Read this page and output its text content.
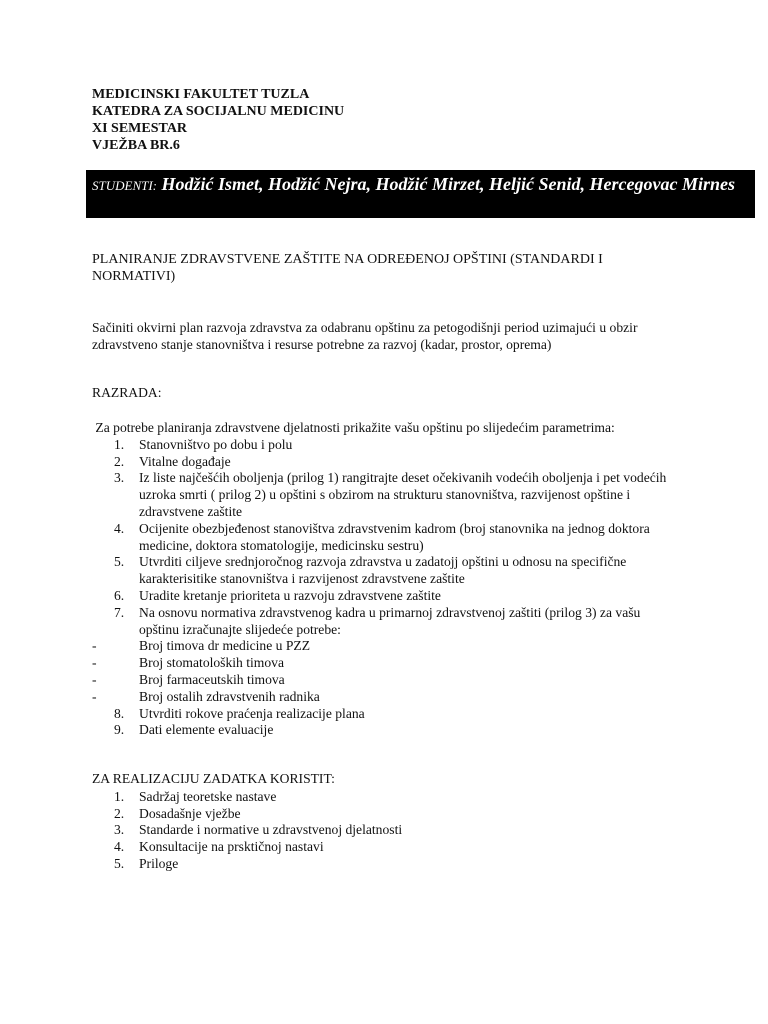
MEDICINSKI FAKULTET TUZLA
KATEDRA ZA SOCIJALNU MEDICINU
XI SEMESTAR
VJEŽBA BR.6
STUDENTI: Hodžić Ismet, Hodžić Nejra, Hodžić Mirzet, Heljić Senid, Hercegovac Mirnes
PLANIRANJE ZDRAVSTVENE ZAŠTITE NA ODREĐENOJ OPŠTINI (STANDARDI I NORMATIVI)
Sačiniti okvirni plan razvoja zdravstva za odabranu opštinu za petogodišnji period uzimajući u obzir zdravstveno stanje stanovništva i resurse potrebne za razvoj (kadar, prostor, oprema)
RAZRADA:
Za potrebe planiranja zdravstvene djelatnosti prikažite vašu opštinu po slijedećim parametrima:
1. Stanovništvo po dobu i polu
2. Vitalne događaje
3. Iz liste najčešćih oboljenja (prilog 1) rangitrajte deset očekivanih vodećih oboljenja i pet vodećih uzroka smrti ( prilog 2) u opštini s obzirom na strukturu stanovništva, razvijenost opštine i zdravstvene zaštite
4. Ocijenite obezbjeđenost stanovištva zdravstvenim kadrom (broj stanovnika na jednog doktora medicine, doktora stomatologije, medicinsku sestru)
5. Utvrditi ciljeve srednjoročnog razvoja zdravstva u zadatojj opštini u odnosu na specifične karakterisitike stanovništva i razvijenost zdravstvene zaštite
6. Uradite kretanje prioriteta u razvoju zdravstvene zaštite
7. Na osnovu normativa zdravstvenog kadra u primarnoj zdravstvenoj zaštiti (prilog 3) za vašu opštinu izračunajte slijedeće potrebe:
-	Broj timova dr medicine u PZZ
-	Broj stomatoloških timova
-	Broj farmaceutskih timova
-	Broj ostalih zdravstvenih radnika
8. Utvrditi rokove praćenja realizacije plana
9. Dati elemente evaluacije
ZA REALIZACIJU ZADATKA KORISTIT:
1. Sadržaj teoretske nastave
2. Dosadašnje vježbe
3. Standarde i normative u zdravstvenoj djelatnosti
4. Konsultacije na prsktičnoj nastavi
5. Priloge
